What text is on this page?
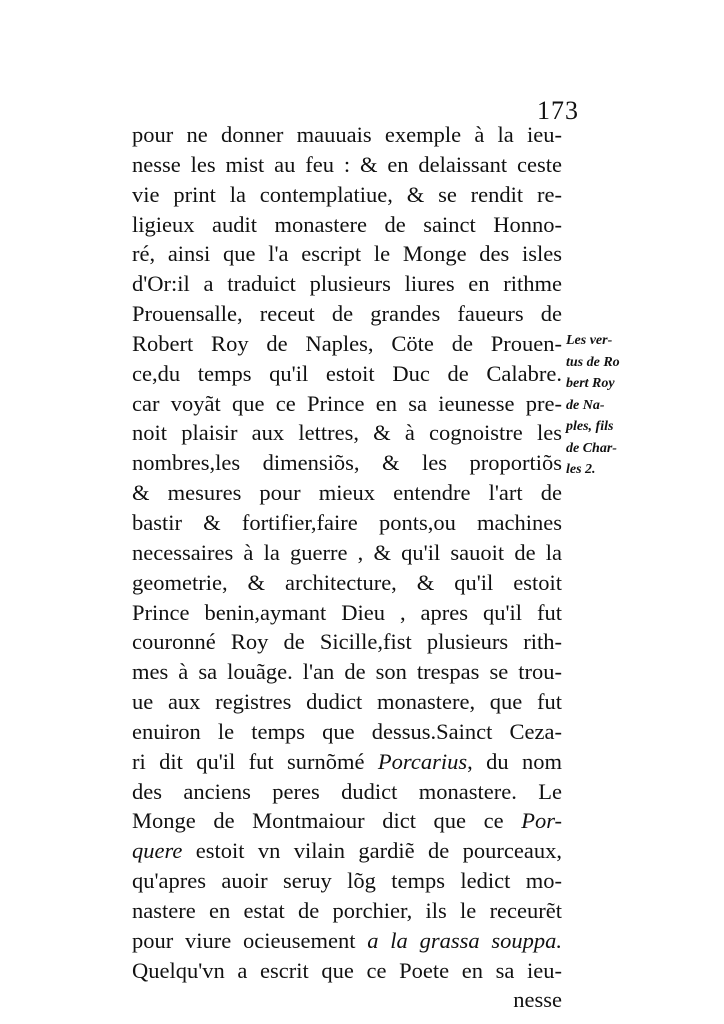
173
pour ne donner mauuais exemple à la ieu-
nesse les mist au feu : & en delaissant ceste
vie print la contemplatiue, & se rendit re-
ligieux audit monastere de sainct Honno-
ré, ainsi que l'a escript le Monge des isles
d'Or:il a traduict plusieurs liures en rithme
Prouensalle, receut de grandes faueurs de
Robert Roy de Naples, Cöte de Prouen-
ce,du temps qu'il estoit Duc de Calabre.
car voyãt que ce Prince en sa ieunesse pre-
noit plaisir aux lettres, & à cognoistre les
nombres,les dimensiõs, & les proportiõs
& mesures pour mieux entendre l'art de
bastir & fortifier,faire ponts,ou machines
necessaires à la guerre , & qu'il sauoit de la
geometrie, & architecture, & qu'il estoit
Prince benin,aymant Dieu , apres qu'il fut
couronné Roy de Sicille,fist plusieurs rith-
mes à sa louãge. l'an de son trespas se trou-
ue aux registres dudict monastere, que fut
enuiron le temps que dessus.Sainct Ceza-
ri dit qu'il fut surnõmé Porcarius, du nom
des anciens peres dudict monastere. Le
Monge de Montmaiour dict que ce Por-
quere estoit vn vilain gardiẽ de pourceaux,
qu'apres auoir seruy lõg temps ledict mo-
nastere en estat de porchier, ils le receurẽt
pour viure ocieusement a la grassa souppa.
Quelqu'vn a escrit que ce Poete en sa ieu-
nesse
Les ver-
tus de Ro
bert Roy
de Na-
ples, fils
de Char-
les 2.
